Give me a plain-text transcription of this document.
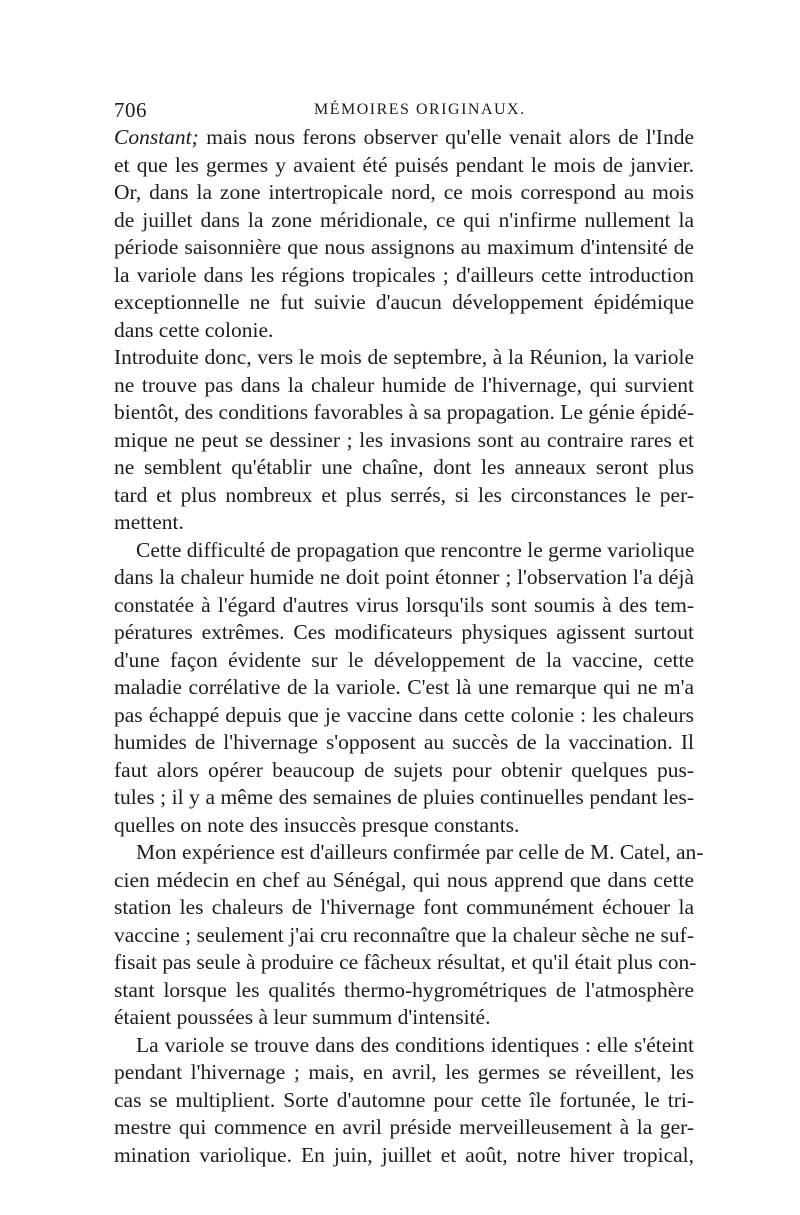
706	MÉMOIRES ORIGINAUX.
Constant; mais nous ferons observer qu'elle venait alors de l'Inde
et que les germes y avaient été puisés pendant le mois de janvier.
Or, dans la zone intertropicale nord, ce mois correspond au mois
de juillet dans la zone méridionale, ce qui n'infirme nullement la
période saisonnière que nous assignons au maximum d'intensité de
la variole dans les régions tropicales ; d'ailleurs cette introduction
exceptionnelle ne fut suivie d'aucun développement épidémique
dans cette colonie.
Introduite donc, vers le mois de septembre, à la Réunion, la variole
ne trouve pas dans la chaleur humide de l'hivernage, qui survient
bientôt, des conditions favorables à sa propagation. Le génie épidé-
mique ne peut se dessiner ; les invasions sont au contraire rares et
ne semblent qu'établir une chaîne, dont les anneaux seront plus
tard et plus nombreux et plus serrés, si les circonstances le per-
mettent.
Cette difficulté de propagation que rencontre le germe variolique
dans la chaleur humide ne doit point étonner ; l'observation l'a déjà
constatée à l'égard d'autres virus lorsqu'ils sont soumis à des tem-
pératures extrêmes. Ces modificateurs physiques agissent surtout
d'une façon évidente sur le développement de la vaccine, cette
maladie corrélative de la variole. C'est là une remarque qui ne m'a
pas échappé depuis que je vaccine dans cette colonie : les chaleurs
humides de l'hivernage s'opposent au succès de la vaccination. Il
faut alors opérer beaucoup de sujets pour obtenir quelques pus-
tules ; il y a même des semaines de pluies continuelles pendant les-
quelles on note des insuccès presque constants.
Mon expérience est d'ailleurs confirmée par celle de M. Catel, an-
cien médecin en chef au Sénégal, qui nous apprend que dans cette
station les chaleurs de l'hivernage font communément échouer la
vaccine ; seulement j'ai cru reconnaître que la chaleur sèche ne suf-
fisait pas seule à produire ce fâcheux résultat, et qu'il était plus con-
stant lorsque les qualités thermo-hygrométriques de l'atmosphère
étaient poussées à leur summum d'intensité.
La variole se trouve dans des conditions identiques : elle s'éteint
pendant l'hivernage ; mais, en avril, les germes se réveillent, les
cas se multiplient. Sorte d'automne pour cette île fortunée, le tri-
mestre qui commence en avril préside merveilleusement à la ger-
mination variolique. En juin, juillet et août, notre hiver tropical,
